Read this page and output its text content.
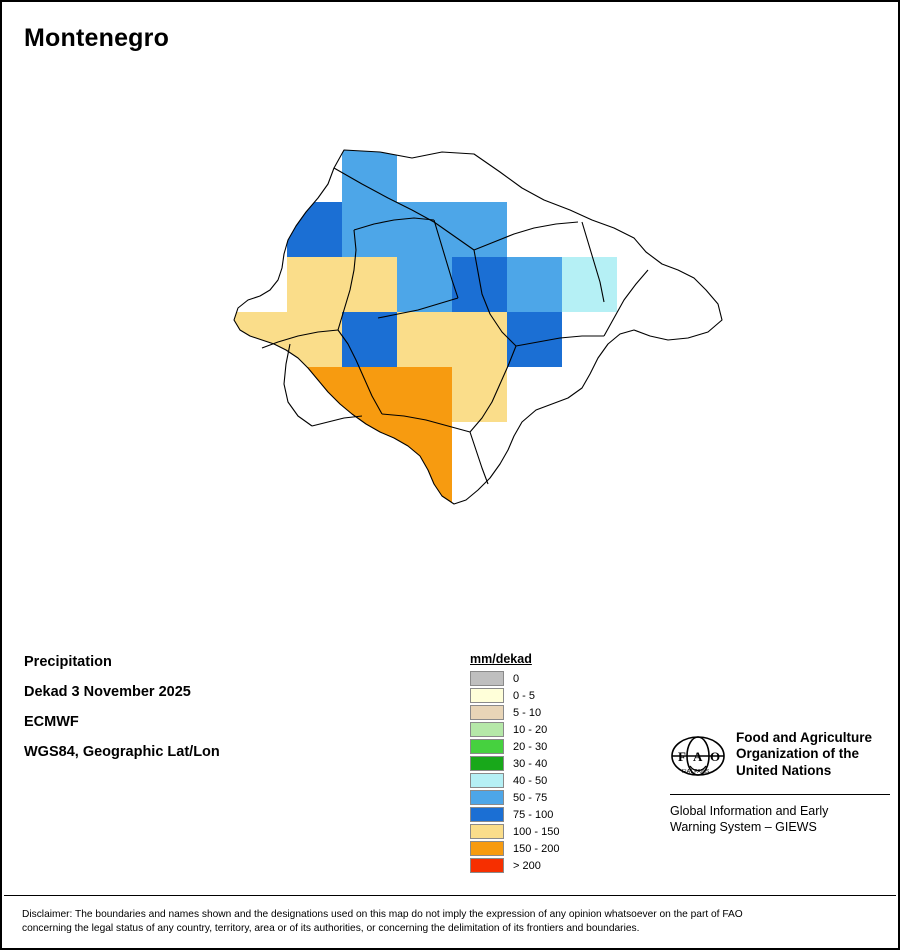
Montenegro
Precipitation
Dekad 3 November 2025
ECMWF
WGS84, Geographic Lat/Lon
mm/dekad
0
0 - 5
5 - 10
10 - 20
20 - 30
30 - 40
40 - 50
50 - 75
75 - 100
100 - 150
150 - 200
> 200
F A O
FIAT PANIS
Food and Agriculture
Organization of the
United Nations
Global Information and Early
Warning System – GIEWS
Disclaimer: The boundaries and names shown and the designations used on this map do not imply the expression of any opinion whatsoever on the part of FAO
concerning the legal status of any country, territory, area or of its authorities, or concerning the delimitation of its frontiers and boundaries.
